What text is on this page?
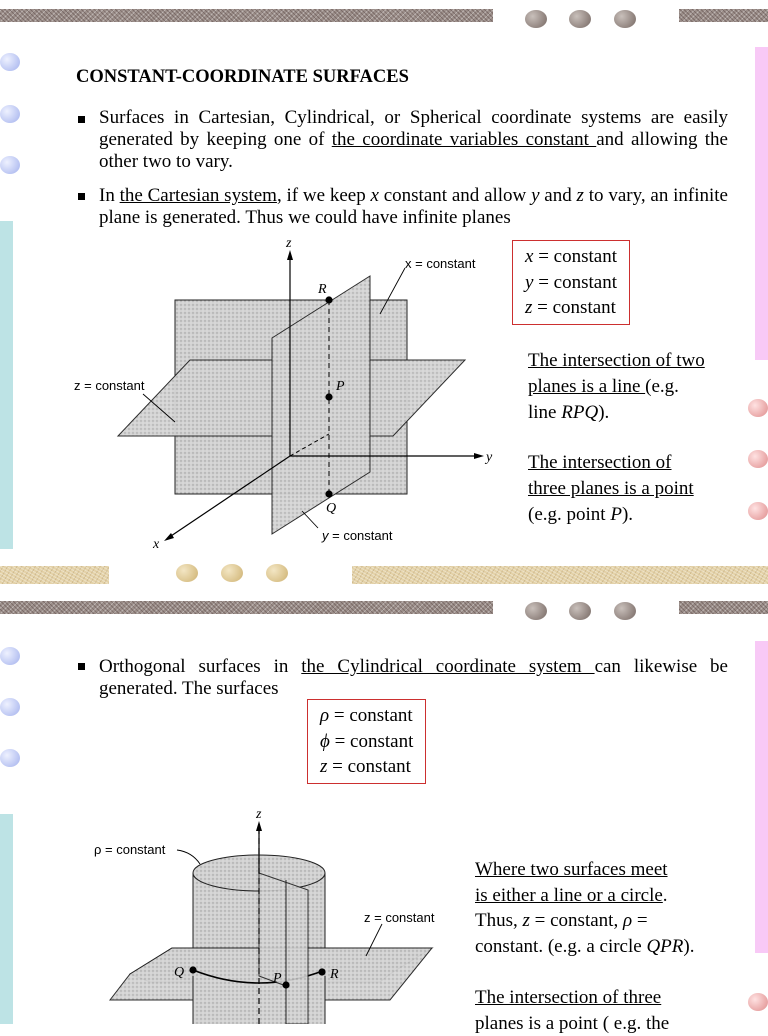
CONSTANT-COORDINATE SURFACES
Surfaces in Cartesian, Cylindrical, or Spherical coordinate systems are easily generated by keeping one of the coordinate variables constant and allowing the other two to vary.
In the Cartesian system, if we keep x constant and allow y and z to vary, an infinite plane is generated. Thus we could have infinite planes
x = constant
y = constant
z = constant
The intersection of two
planes is a line (e.g.
line RPQ).
The intersection of
three planes is a point
(e.g. point P).
z
y
x
R
P
Q
x = constant
z = constant
y = constant
Orthogonal surfaces in the Cylindrical coordinate system can likewise be generated. The surfaces
ρ = constant
ϕ = constant
z = constant
Where two surfaces meet
is either a line or a circle.
Thus, z = constant, ρ =
constant. (e.g. a circle QPR).
The intersection of three
planes is a point ( e.g. the
z
ρ = constant
z = constant
Q	P	R
